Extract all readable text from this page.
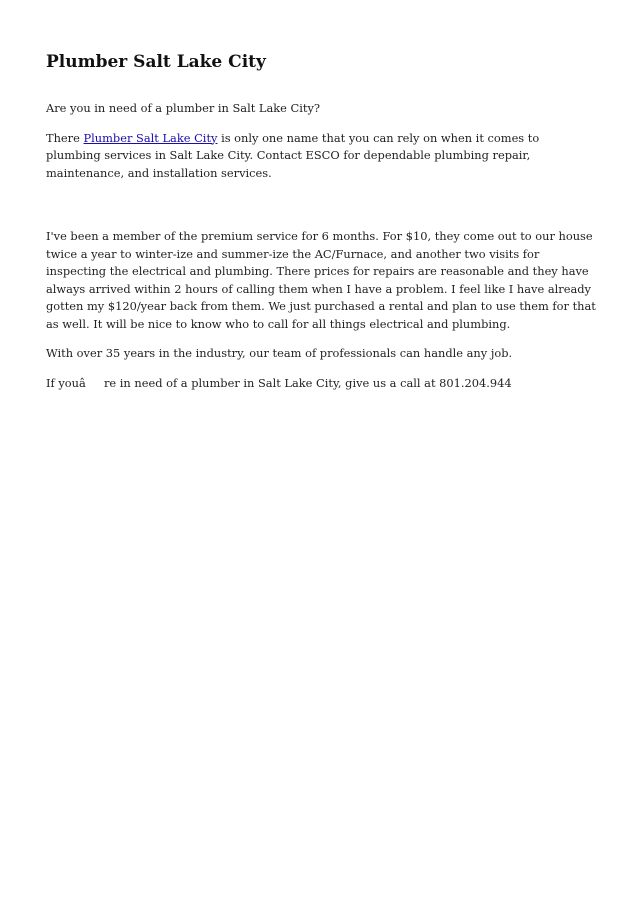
Plumber Salt Lake City

Are you in need of a plumber in Salt Lake City?

There Plumber Salt Lake City is only one name that you can rely on when it comes to plumbing services in Salt Lake City. Contact ESCO for dependable plumbing repair, maintenance, and installation services.

I've been a member of the premium service for 6 months. For $10, they come out to our house twice a year to winter-ize and summer-ize the AC/Furnace, and another two visits for inspecting the electrical and plumbing. There prices for repairs are reasonable and they have always arrived within 2 hours of calling them when I have a problem. I feel like I have already gotten my $120/year back from them. We just purchased a rental and plan to use them for that as well. It will be nice to know who to call for all things electrical and plumbing.

With over 35 years in the industry, our team of professionals can handle any job.

If youâre in need of a plumber in Salt Lake City, give us a call at 801.204.944
